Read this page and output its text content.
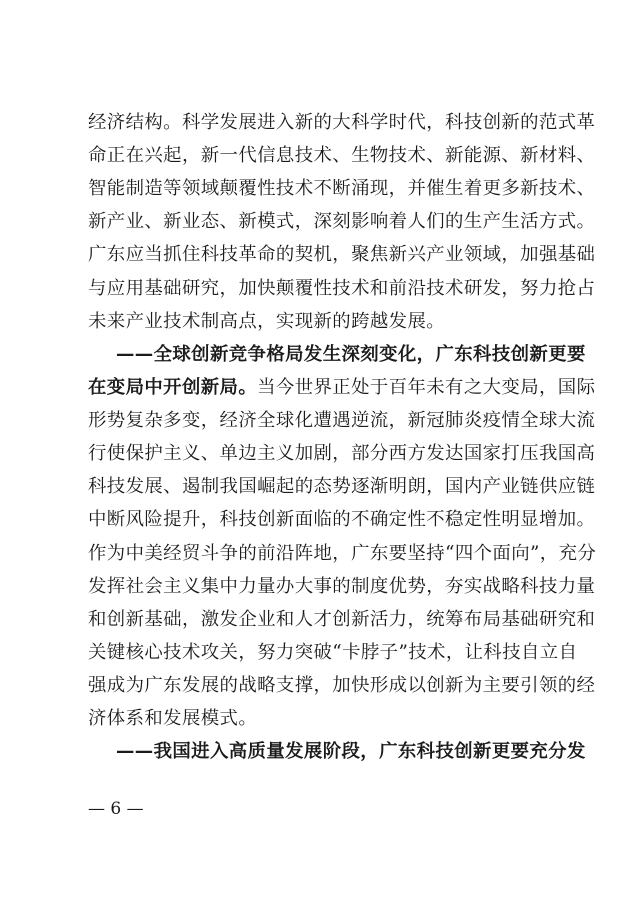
经济结构。科学发展进入新的大科学时代，科技创新的范式革
命正在兴起，新一代信息技术、生物技术、新能源、新材料、
智能制造等领域颠覆性技术不断涌现，并催生着更多新技术、
新产业、新业态、新模式，深刻影响着人们的生产生活方式。
广东应当抓住科技革命的契机，聚焦新兴产业领域，加强基础
与应用基础研究，加快颠覆性技术和前沿技术研发，努力抢占
未来产业技术制高点，实现新的跨越发展。
——全球创新竞争格局发生深刻变化，广东科技创新更要
在变局中开创新局。当今世界正处于百年未有之大变局，国际
形势复杂多变，经济全球化遭遇逆流，新冠肺炎疫情全球大流
行使保护主义、单边主义加剧，部分西方发达国家打压我国高
科技发展、遏制我国崛起的态势逐渐明朗，国内产业链供应链
中断风险提升，科技创新面临的不确定性不稳定性明显增加。
作为中美经贸斗争的前沿阵地，广东要坚持“四个面向”，充分
发挥社会主义集中力量办大事的制度优势，夯实战略科技力量
和创新基础，激发企业和人才创新活力，统筹布局基础研究和
关键核心技术攻关，努力突破“卡脖子”技术，让科技自立自
强成为广东发展的战略支撑，加快形成以创新为主要引领的经
济体系和发展模式。
——我国进入高质量发展阶段，广东科技创新更要充分发
— 6 —
